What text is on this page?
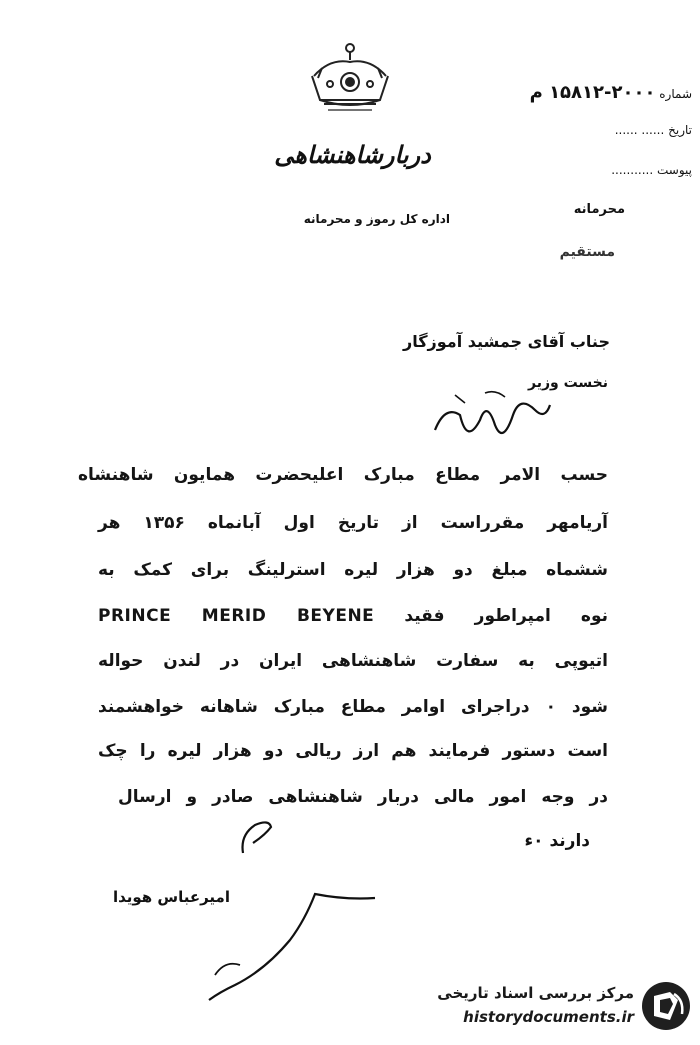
دربارشاهنشاهی
شماره ۲۰۰۰-۱۵۸۱۲ م
تاریخ ...... ......
پیوست ...........
محرمانه
اداره کل رموز و محرمانه
مستقیم
جناب آقای جمشید آموزگار
نخست وزیر
حسب الامر مطاع مبارک اعلیحضرت همایون شاهنشاه
آریامهر مقرراست از تاریخ اول آبانماه ۱۳۵۶ هر
ششماه مبلغ دو هزار لیره استرلینگ برای کمک به
نوه امپراطور فقید PRINCE MERID BEYENE
اتیوپی به سفارت شاهنشاهی ایران در لندن حواله
شود ۰ دراجرای اوامر مطاع مبارک شاهانه خواهشمند
است دستور فرمایند هم ارز ریالی دو هزار لیره را چک
در وجه امور مالی دربار شاهنشاهی صادر و ارسال
دارند ۰ء
امیرعباس هویدا
مرکز بررسی اسناد تاریخی
historydocuments.ir
